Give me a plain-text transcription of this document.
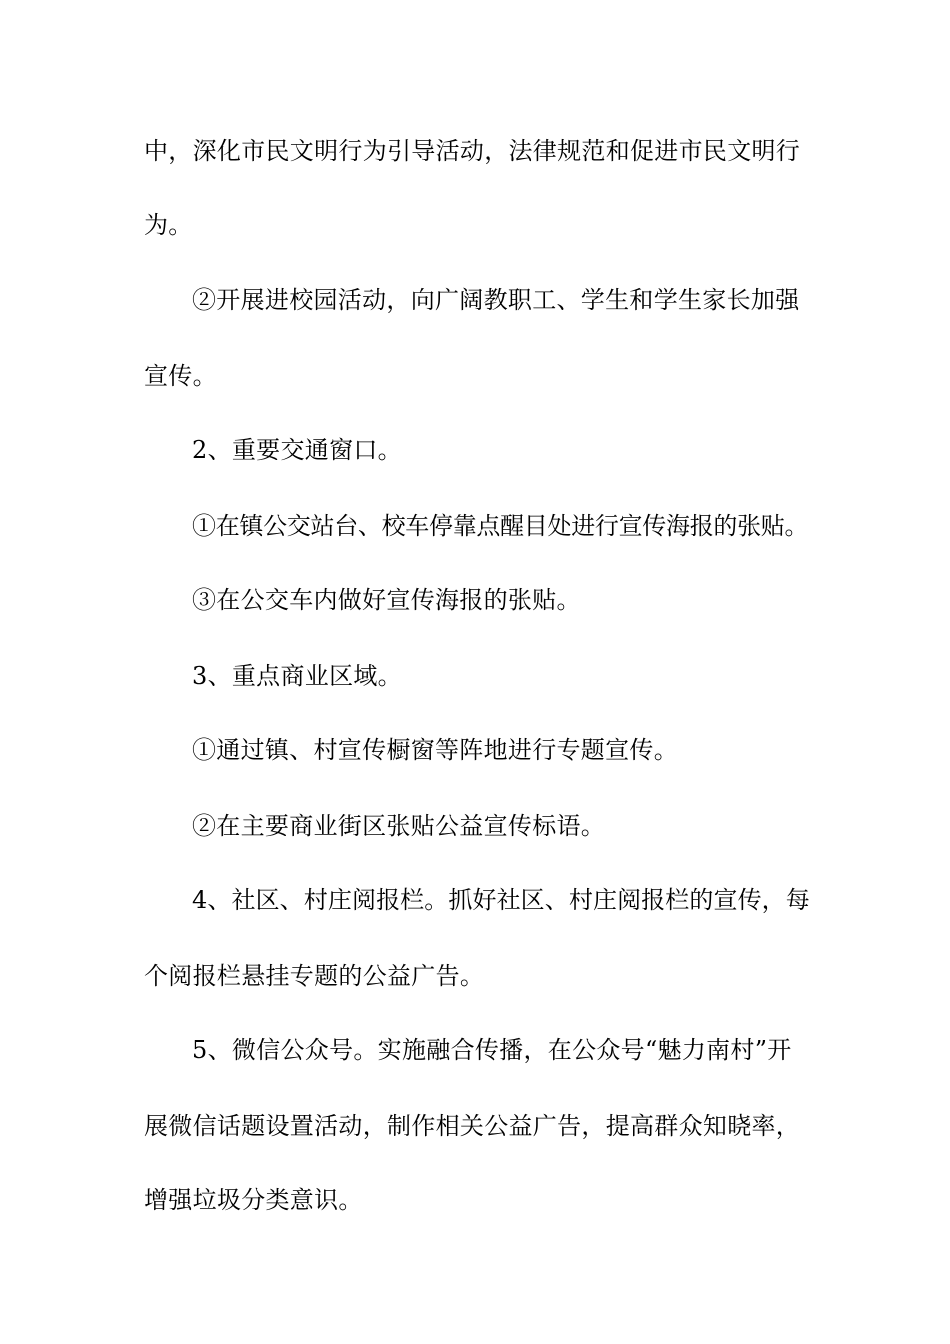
中，深化市民文明行为引导活动，法律规范和促进市民文明行
为。
②开展进校园活动，向广阔教职工、学生和学生家长加强
宣传。
2、重要交通窗口。
①在镇公交站台、校车停靠点醒目处进行宣传海报的张贴。
③在公交车内做好宣传海报的张贴。
3、重点商业区域。
①通过镇、村宣传橱窗等阵地进行专题宣传。
②在主要商业街区张贴公益宣传标语。
4、社区、村庄阅报栏。抓好社区、村庄阅报栏的宣传，每
个阅报栏悬挂专题的公益广告。
5、微信公众号。实施融合传播，在公众号“魅力南村”开
展微信话题设置活动，制作相关公益广告，提高群众知晓率，
增强垃圾分类意识。
